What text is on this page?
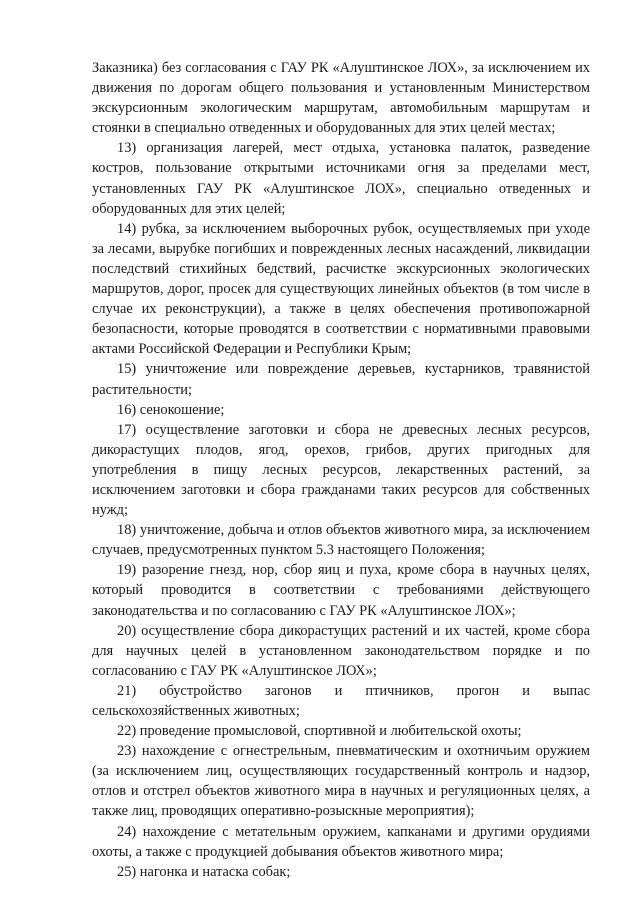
Заказника) без согласования с ГАУ РК «Алуштинское ЛОХ», за исключением их движения по дорогам общего пользования и установленным Министерством экскурсионным экологическим маршрутам, автомобильным маршрутам и стоянки в специально отведенных и оборудованных для этих целей местах;

13) организация лагерей, мест отдыха, установка палаток, разведение костров, пользование открытыми источниками огня за пределами мест, установленных ГАУ РК «Алуштинское ЛОХ», специально отведенных и оборудованных для этих целей;

14) рубка, за исключением выборочных рубок, осуществляемых при уходе за лесами, вырубке погибших и поврежденных лесных насаждений, ликвидации последствий стихийных бедствий, расчистке экскурсионных экологических маршрутов, дорог, просек для существующих линейных объектов (в том числе в случае их реконструкции), а также в целях обеспечения противопожарной безопасности, которые проводятся в соответствии с нормативными правовыми актами Российской Федерации и Республики Крым;

15) уничтожение или повреждение деревьев, кустарников, травянистой растительности;

16) сенокошение;

17) осуществление заготовки и сбора не древесных лесных ресурсов, дикорастущих плодов, ягод, орехов, грибов, других пригодных для употребления в пищу лесных ресурсов, лекарственных растений, за исключением заготовки и сбора гражданами таких ресурсов для собственных нужд;

18) уничтожение, добыча и отлов объектов животного мира, за исключением случаев, предусмотренных пунктом 5.3 настоящего Положения;

19) разорение гнезд, нор, сбор яиц и пуха, кроме сбора в научных целях, который проводится в соответствии с требованиями действующего законодательства и по согласованию с ГАУ РК «Алуштинское ЛОХ»;

20) осуществление сбора дикорастущих растений и их частей, кроме сбора для научных целей в установленном законодательством порядке и по согласованию с ГАУ РК «Алуштинское ЛОХ»;

21) обустройство загонов и птичников, прогон и выпас сельскохозяйственных животных;

22) проведение промысловой, спортивной и любительской охоты;

23) нахождение с огнестрельным, пневматическим и охотничьим оружием (за исключением лиц, осуществляющих государственный контроль и надзор, отлов и отстрел объектов животного мира в научных и регуляционных целях, а также лиц, проводящих оперативно-розыскные мероприятия);

24) нахождение с метательным оружием, капканами и другими орудиями охоты, а также с продукцией добывания объектов животного мира;

25) нагонка и натаска собак;
